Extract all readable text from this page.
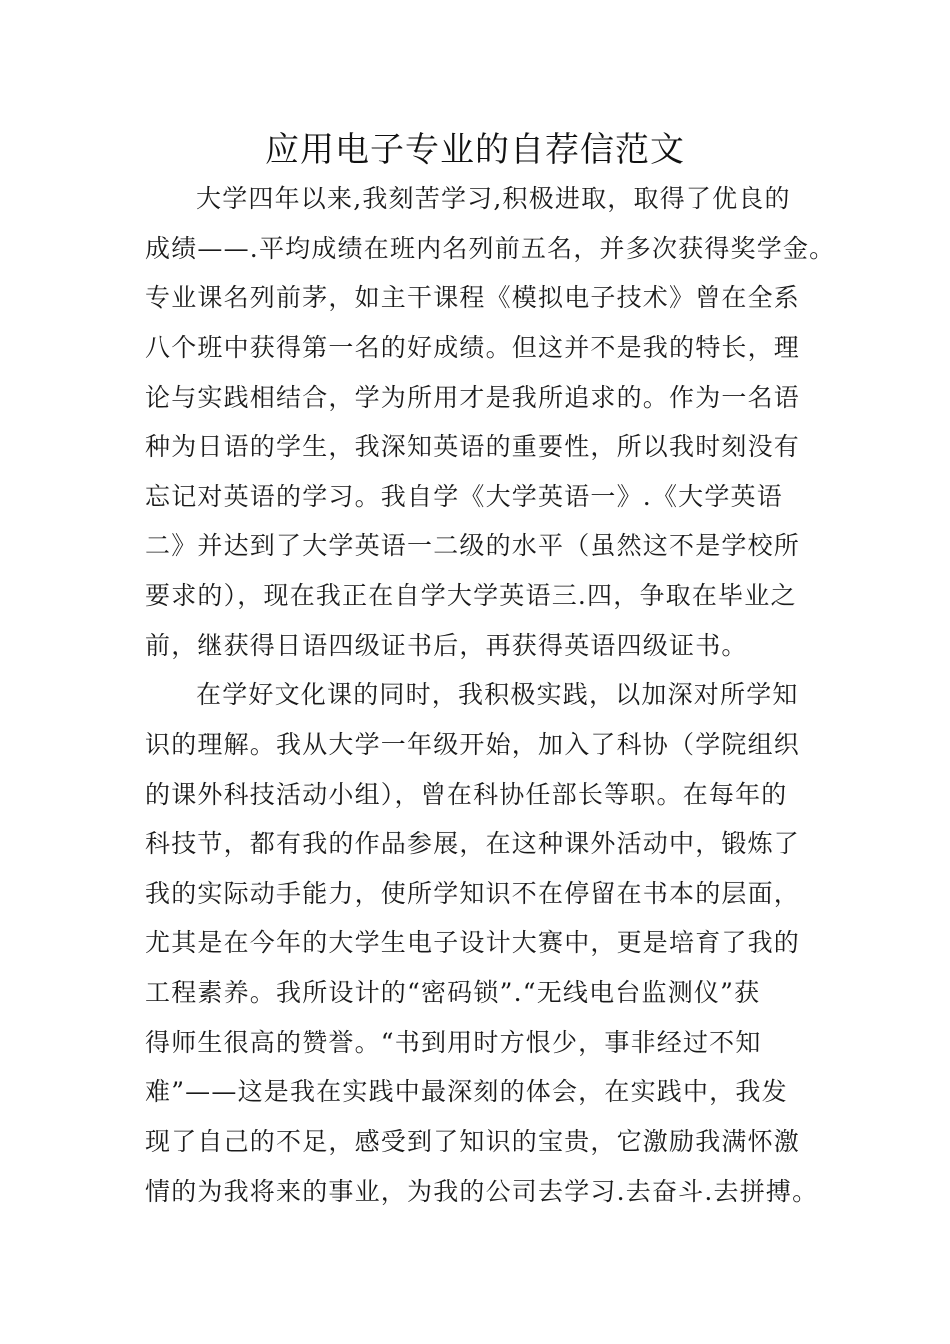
应用电子专业的自荐信范文
大学四年以来,我刻苦学习,积极进取，取得了优良的
成绩——.平均成绩在班内名列前五名，并多次获得奖学金。
专业课名列前茅，如主干课程《模拟电子技术》曾在全系
八个班中获得第一名的好成绩。但这并不是我的特长，理
论与实践相结合，学为所用才是我所追求的。作为一名语
种为日语的学生，我深知英语的重要性，所以我时刻没有
忘记对英语的学习。我自学《大学英语一》.《大学英语
二》并达到了大学英语一二级的水平（虽然这不是学校所
要求的），现在我正在自学大学英语三.四，争取在毕业之
前，继获得日语四级证书后，再获得英语四级证书。
在学好文化课的同时，我积极实践，以加深对所学知
识的理解。我从大学一年级开始，加入了科协（学院组织
的课外科技活动小组），曾在科协任部长等职。在每年的
科技节，都有我的作品参展，在这种课外活动中，锻炼了
我的实际动手能力，使所学知识不在停留在书本的层面，
尤其是在今年的大学生电子设计大赛中，更是培育了我的
工程素养。我所设计的“密码锁”.“无线电台监测仪”获
得师生很高的赞誉。“书到用时方恨少，事非经过不知
难”——这是我在实践中最深刻的体会，在实践中，我发
现了自己的不足，感受到了知识的宝贵，它激励我满怀激
情的为我将来的事业，为我的公司去学习.去奋斗.去拼搏。
